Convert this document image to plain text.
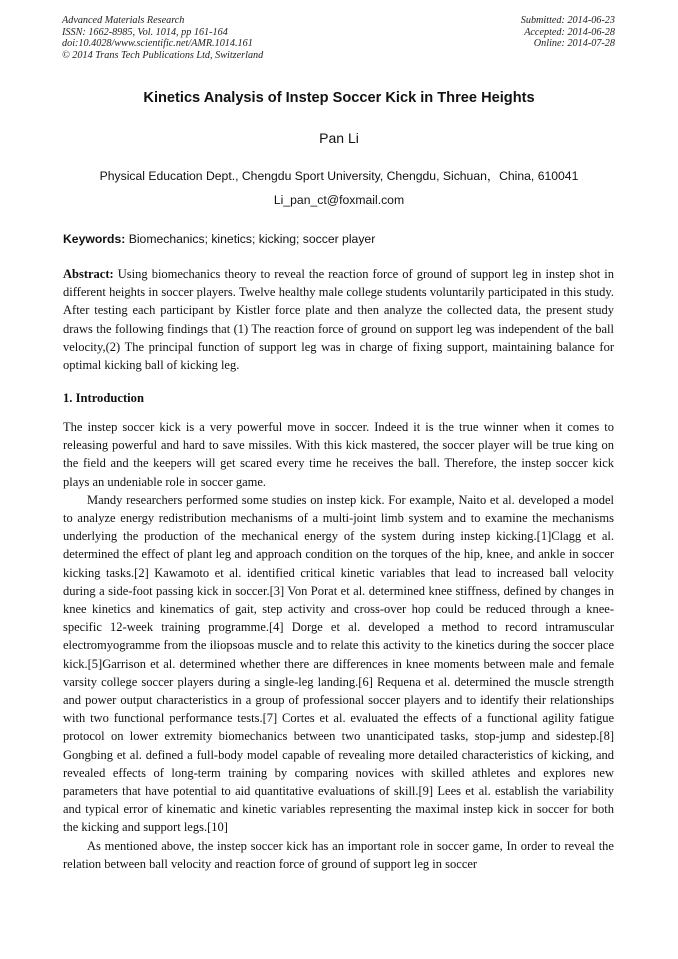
Advanced Materials Research
ISSN: 1662-8985, Vol. 1014, pp 161-164
doi:10.4028/www.scientific.net/AMR.1014.161
© 2014 Trans Tech Publications Ltd, Switzerland
Submitted: 2014-06-23
Accepted: 2014-06-28
Online: 2014-07-28
Kinetics Analysis of Instep Soccer Kick in Three Heights
Pan Li
Physical Education Dept., Chengdu Sport University, Chengdu, Sichuan，China, 610041
Li_pan_ct@foxmail.com
Keywords: Biomechanics; kinetics; kicking; soccer player
Abstract: Using biomechanics theory to reveal the reaction force of ground of support leg in instep shot in different heights in soccer players. Twelve healthy male college students voluntarily participated in this study. After testing each participant by Kistler force plate and then analyze the collected data, the present study draws the following findings that (1) The reaction force of ground on support leg was independent of the ball velocity,(2) The principal function of support leg was in charge of fixing support, maintaining balance for optimal kicking ball of kicking leg.
1. Introduction

The instep soccer kick is a very powerful move in soccer. Indeed it is the true winner when it comes to releasing powerful and hard to save missiles. With this kick mastered, the soccer player will be true king on the field and the keepers will get scared every time he receives the ball. Therefore, the instep soccer kick plays an undeniable role in soccer game.

Mandy researchers performed some studies on instep kick. For example, Naito et al. developed a model to analyze energy redistribution mechanisms of a multi-joint limb system and to examine the mechanisms underlying the production of the mechanical energy of the system during instep kicking.[1]Clagg et al. determined the effect of plant leg and approach condition on the torques of the hip, knee, and ankle in soccer kicking tasks.[2] Kawamoto et al. identified critical kinetic variables that lead to increased ball velocity during a side-foot passing kick in soccer.[3] Von Porat et al. determined knee stiffness, defined by changes in knee kinetics and kinematics of gait, step activity and cross-over hop could be reduced through a knee-specific 12-week training programme.[4] Dorge et al. developed a method to record intramuscular electromyogramme from the iliopsoas muscle and to relate this activity to the kinetics during the soccer place kick.[5]Garrison et al. determined whether there are differences in knee moments between male and female varsity college soccer players during a single-leg landing.[6] Requena et al. determined the muscle strength and power output characteristics in a group of professional soccer players and to identify their relationships with two functional performance tests.[7] Cortes et al. evaluated the effects of a functional agility fatigue protocol on lower extremity biomechanics between two unanticipated tasks, stop-jump and sidestep.[8] Gongbing et al. defined a full-body model capable of revealing more detailed characteristics of kicking, and revealed effects of long-term training by comparing novices with skilled athletes and explores new parameters that have potential to aid quantitative evaluations of skill.[9] Lees et al. establish the variability and typical error of kinematic and kinetic variables representing the maximal instep kick in soccer for both the kicking and support legs.[10]

As mentioned above, the instep soccer kick has an important role in soccer game, In order to reveal the relation between ball velocity and reaction force of ground of support leg in soccer
